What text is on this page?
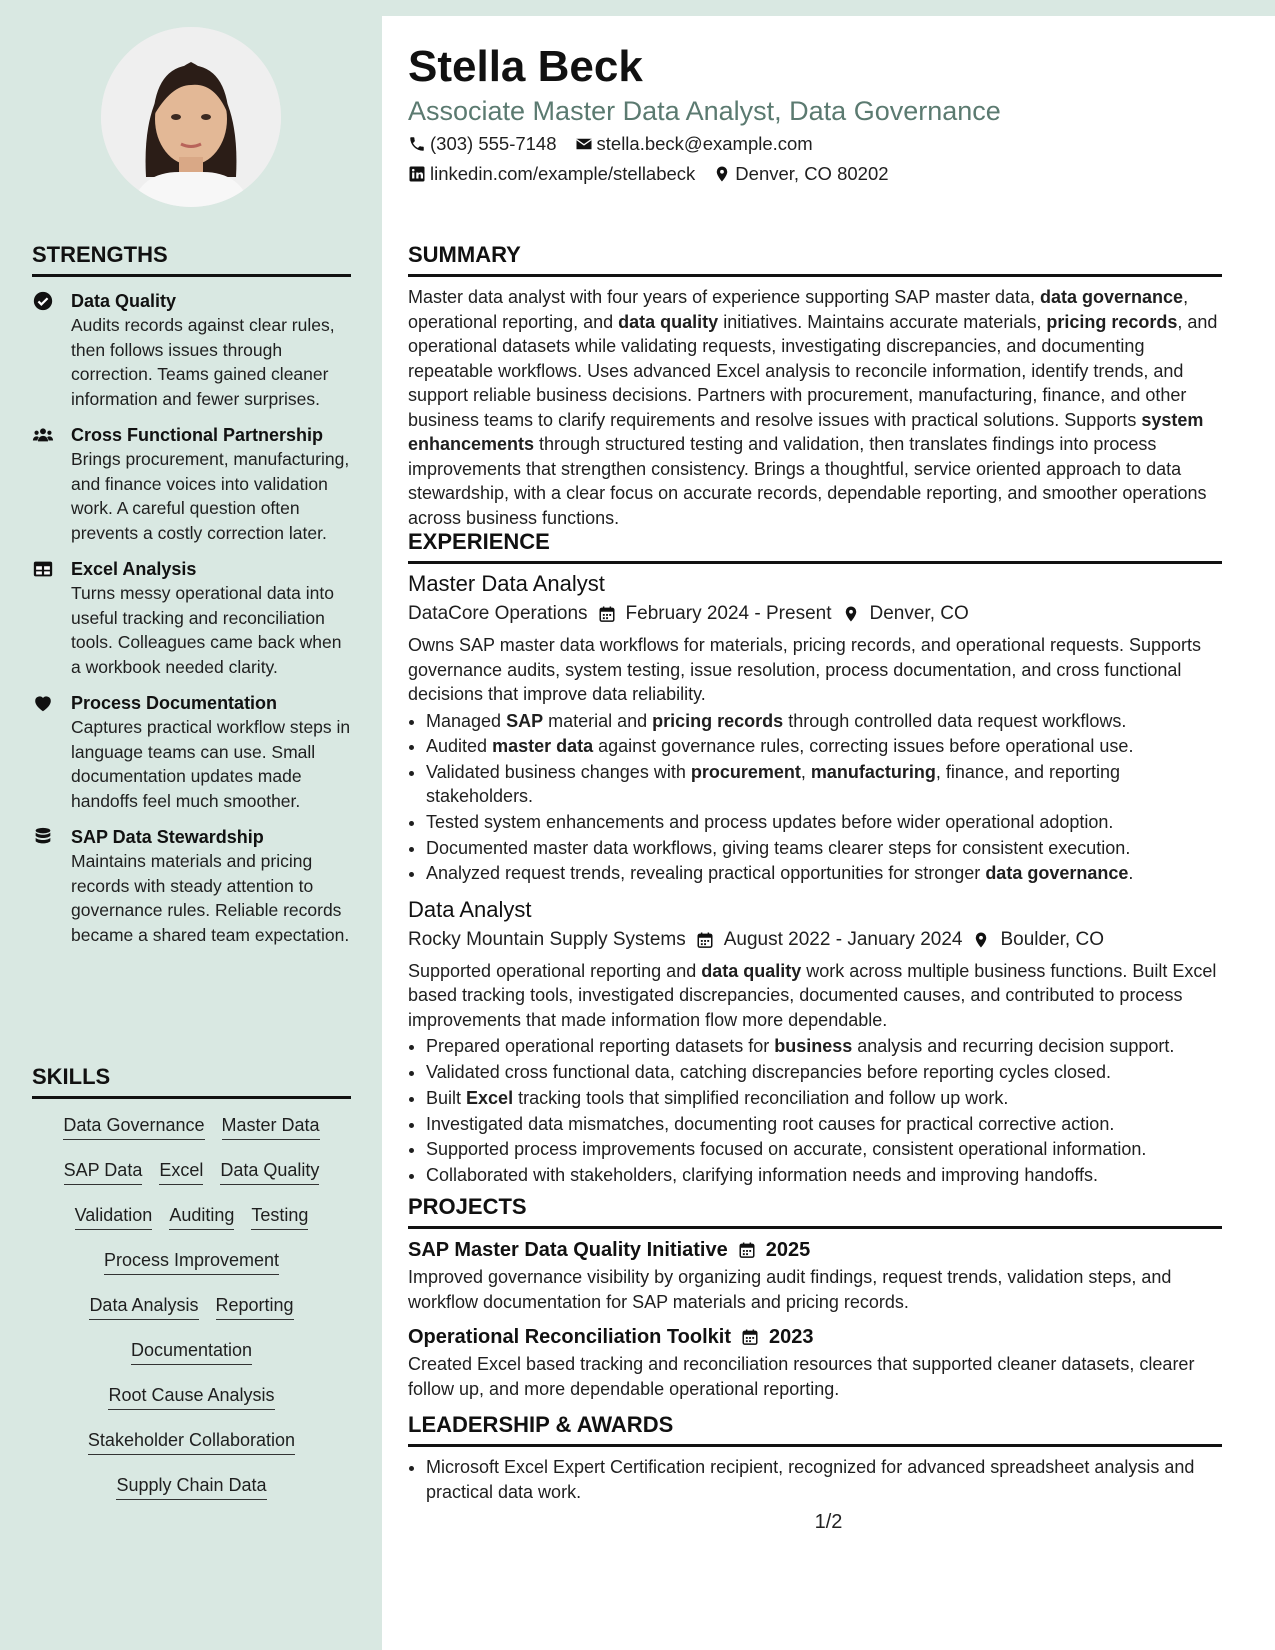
STRENGTHS
Data Quality
Audits records against clear rules, then follows issues through correction. Teams gained cleaner information and fewer surprises.
Cross Functional Partnership
Brings procurement, manufacturing, and finance voices into validation work. A careful question often prevents a costly correction later.
Excel Analysis
Turns messy operational data into useful tracking and reconciliation tools. Colleagues came back when a workbook needed clarity.
Process Documentation
Captures practical workflow steps in language teams can use. Small documentation updates made handoffs feel much smoother.
SAP Data Stewardship
Maintains materials and pricing records with steady attention to governance rules. Reliable records became a shared team expectation.
SKILLS
Data Governance Master Data
SAP Data Excel Data Quality
Validation Auditing Testing
Process Improvement
Data Analysis Reporting
Documentation
Root Cause Analysis
Stakeholder Collaboration
Supply Chain Data
Stella Beck
Associate Master Data Analyst, Data Governance
(303) 555-7148 stella.beck@example.com
linkedin.com/example/stellabeck Denver, CO 80202
SUMMARY
Master data analyst with four years of experience supporting SAP master data, data governance, operational reporting, and data quality initiatives. Maintains accurate materials, pricing records, and operational datasets while validating requests, investigating discrepancies, and documenting repeatable workflows. Uses advanced Excel analysis to reconcile information, identify trends, and support reliable business decisions. Partners with procurement, manufacturing, finance, and other business teams to clarify requirements and resolve issues with practical solutions. Supports system enhancements through structured testing and validation, then translates findings into process improvements that strengthen consistency. Brings a thoughtful, service oriented approach to data stewardship, with a clear focus on accurate records, dependable reporting, and smoother operations across business functions.
EXPERIENCE
Master Data Analyst
DataCore Operations February 2024 - Present Denver, CO
Owns SAP master data workflows for materials, pricing records, and operational requests. Supports governance audits, system testing, issue resolution, process documentation, and cross functional decisions that improve data reliability.
• Managed SAP material and pricing records through controlled data request workflows.
• Audited master data against governance rules, correcting issues before operational use.
• Validated business changes with procurement, manufacturing, finance, and reporting stakeholders.
• Tested system enhancements and process updates before wider operational adoption.
• Documented master data workflows, giving teams clearer steps for consistent execution.
• Analyzed request trends, revealing practical opportunities for stronger data governance.
Data Analyst
Rocky Mountain Supply Systems August 2022 - January 2024 Boulder, CO
Supported operational reporting and data quality work across multiple business functions. Built Excel based tracking tools, investigated discrepancies, documented causes, and contributed to process improvements that made information flow more dependable.
• Prepared operational reporting datasets for business analysis and recurring decision support.
• Validated cross functional data, catching discrepancies before reporting cycles closed.
• Built Excel tracking tools that simplified reconciliation and follow up work.
• Investigated data mismatches, documenting root causes for practical corrective action.
• Supported process improvements focused on accurate, consistent operational information.
• Collaborated with stakeholders, clarifying information needs and improving handoffs.
PROJECTS
SAP Master Data Quality Initiative 2025
Improved governance visibility by organizing audit findings, request trends, validation steps, and workflow documentation for SAP materials and pricing records.
Operational Reconciliation Toolkit 2023
Created Excel based tracking and reconciliation resources that supported cleaner datasets, clearer follow up, and more dependable operational reporting.
LEADERSHIP & AWARDS
• Microsoft Excel Expert Certification recipient, recognized for advanced spreadsheet analysis and practical data work.
1/2
